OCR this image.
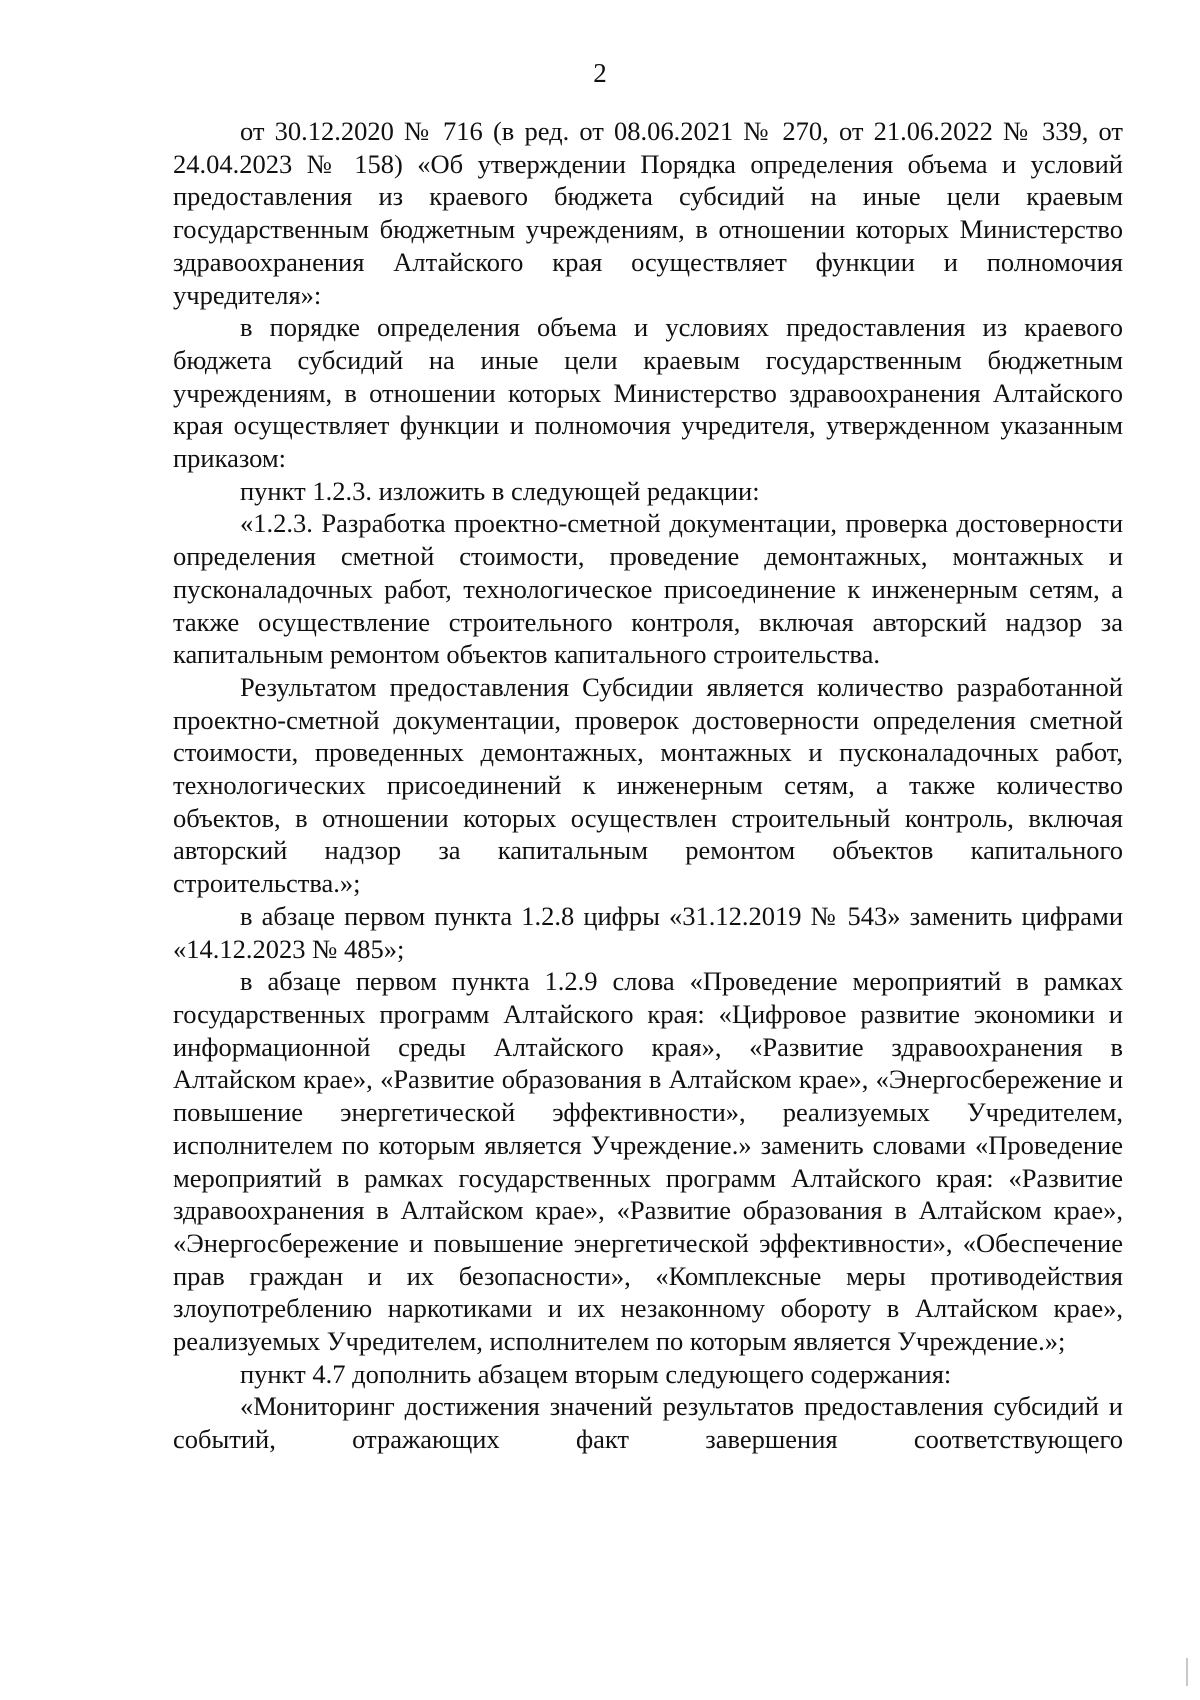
2

от 30.12.2020 № 716 (в ред. от 08.06.2021 № 270, от 21.06.2022 № 339, от 24.04.2023 № 158) «Об утверждении Порядка определения объема и условий предоставления из краевого бюджета субсидий на иные цели краевым государственным бюджетным учреждениям, в отношении которых Министерство здравоохранения Алтайского края осуществляет функции и полномочия учредителя»:

в порядке определения объема и условиях предоставления из краевого бюджета субсидий на иные цели краевым государственным бюджетным учреждениям, в отношении которых Министерство здравоохранения Алтайского края осуществляет функции и полномочия учредителя, утвержденном указанным приказом:

пункт 1.2.3. изложить в следующей редакции:

«1.2.3. Разработка проектно-сметной документации, проверка достоверности определения сметной стоимости, проведение демонтажных, монтажных и пусконаладочных работ, технологическое присоединение к инженерным сетям, а также осуществление строительного контроля, включая авторский надзор за капитальным ремонтом объектов капитального строительства.

Результатом предоставления Субсидии является количество разработанной проектно-сметной документации, проверок достоверности определения сметной стоимости, проведенных демонтажных, монтажных и пусконаладочных работ, технологических присоединений к инженерным сетям, а также количество объектов, в отношении которых осуществлен строительный контроль, включая авторский надзор за капитальным ремонтом объектов капитального строительства.»;

в абзаце первом пункта 1.2.8 цифры «31.12.2019 № 543» заменить цифрами «14.12.2023 № 485»;

в абзаце первом пункта 1.2.9 слова «Проведение мероприятий в рамках государственных программ Алтайского края: «Цифровое развитие экономики и информационной среды Алтайского края», «Развитие здравоохранения в Алтайском крае», «Развитие образования в Алтайском крае», «Энергосбережение и повышение энергетической эффективности», реализуемых Учредителем, исполнителем по которым является Учреждение.» заменить словами «Проведение мероприятий в рамках государственных программ Алтайского края: «Развитие здравоохранения в Алтайском крае», «Развитие образования в Алтайском крае», «Энергосбережение и повышение энергетической эффективности», «Обеспечение прав граждан и их безопасности», «Комплексные меры противодействия злоупотреблению наркотиками и их незаконному обороту в Алтайском крае», реализуемых Учредителем, исполнителем по которым является Учреждение.»;

пункт 4.7 дополнить абзацем вторым следующего содержания:

«Мониторинг достижения значений результатов предоставления субсидий и событий, отражающих факт завершения соответствующего
